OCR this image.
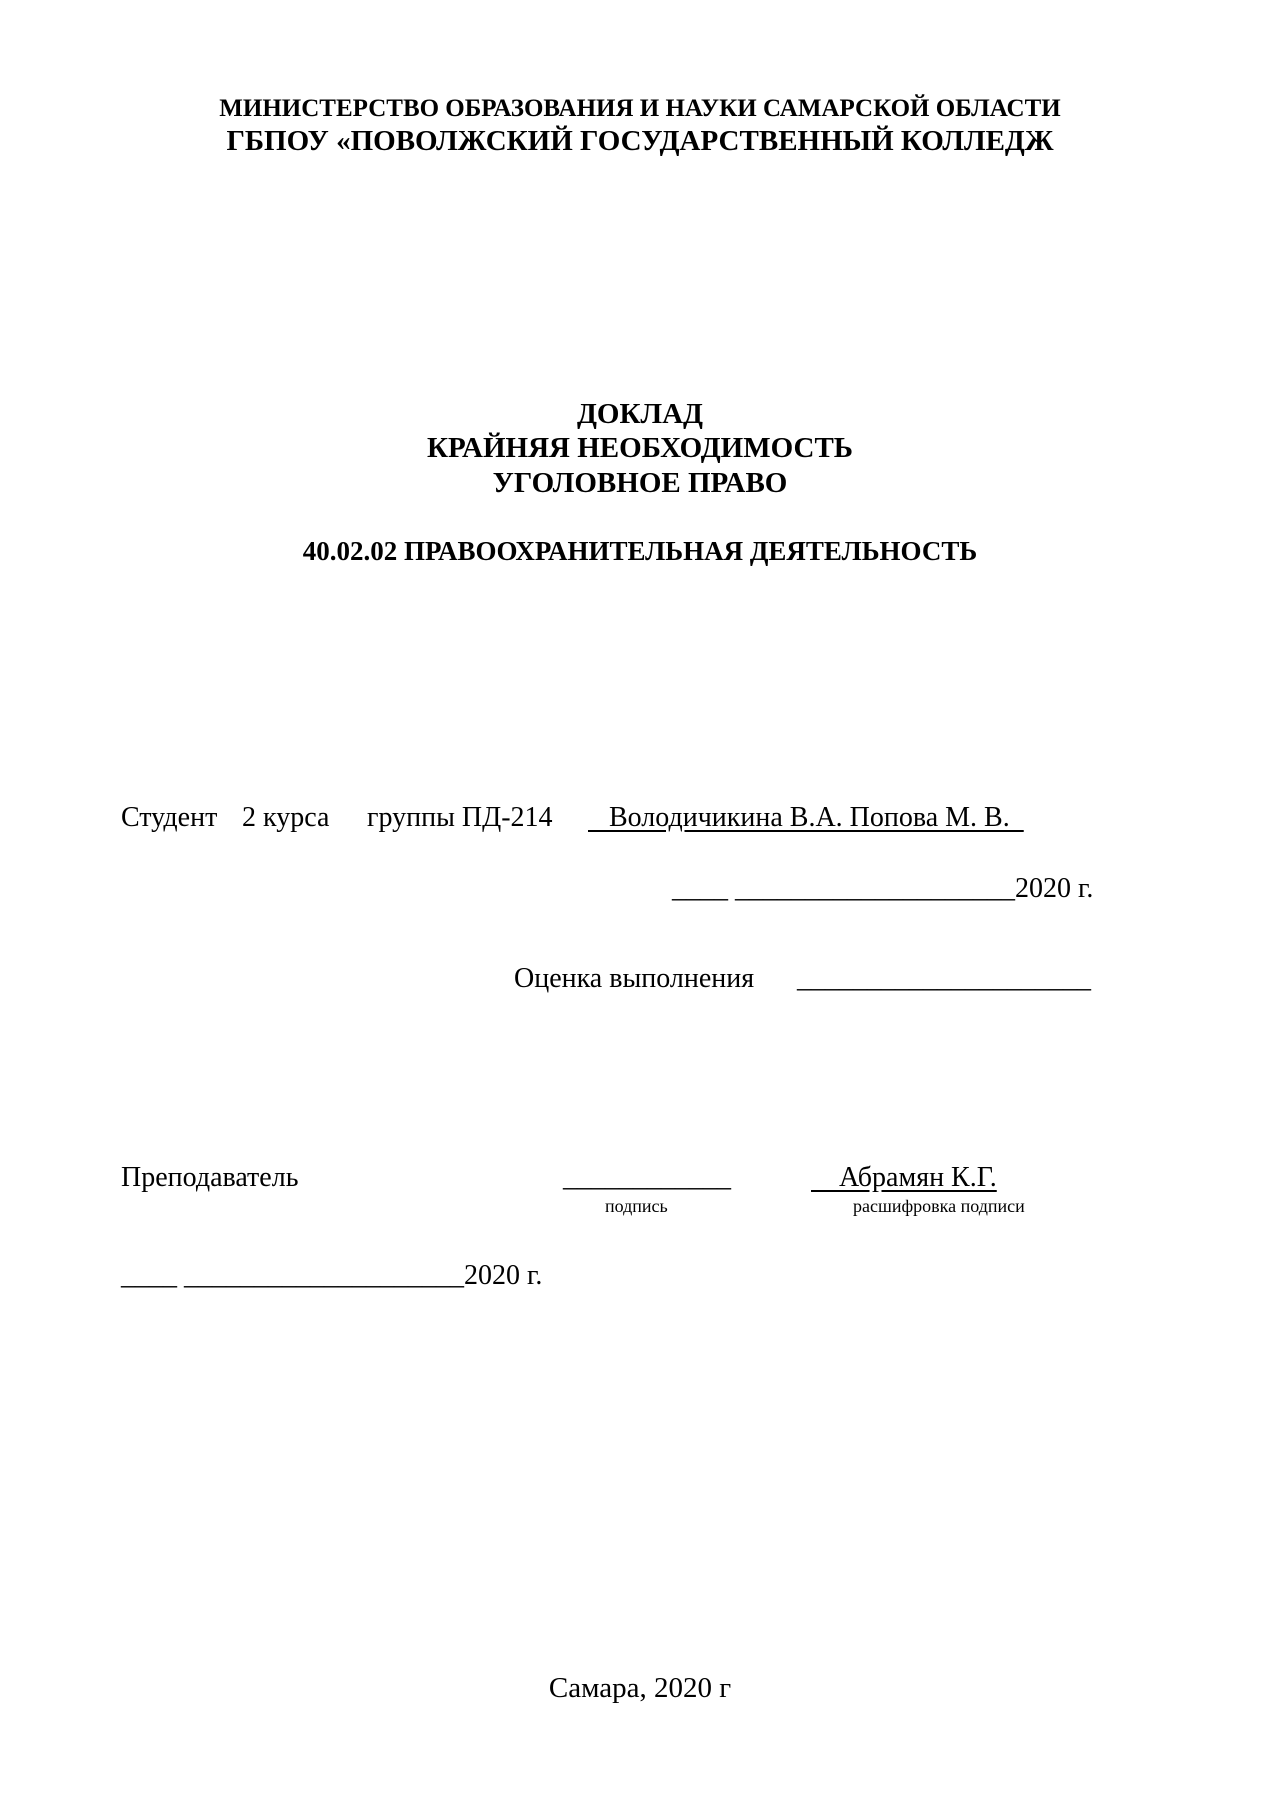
МИНИСТЕРСТВО ОБРАЗОВАНИЯ И НАУКИ САМАРСКОЙ ОБЛАСТИ
ГБПОУ «ПОВОЛЖСКИЙ ГОСУДАРСТВЕННЫЙ КОЛЛЕДЖ
ДОКЛАД
КРАЙНЯЯ НЕОБХОДИМОСТЬ
УГОЛОВНОЕ ПРАВО
40.02.02 ПРАВООХРАНИТЕЛЬНАЯ ДЕЯТЕЛЬНОСТЬ
Студент 2 курса группы ПД-214 Володичикина В.А. Попова М. В.
____ ____________________2020 г.
Оценка выполнения _____________________
Преподаватель	____________	Абрамян К.Г.
подпись	расшифровка подписи
____ ____________________2020 г.
Самара, 2020 г
